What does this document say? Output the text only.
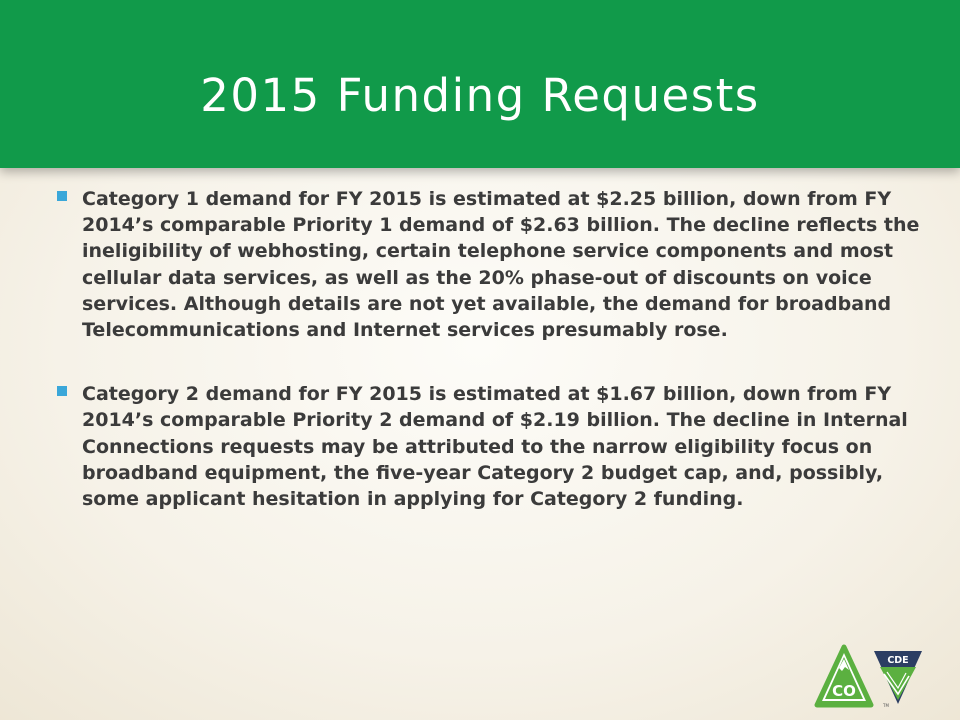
2015 Funding Requests
Category 1 demand for FY 2015 is estimated at $2.25 billion, down from FY 2014’s comparable Priority 1 demand of $2.63 billion. The decline reflects the ineligibility of webhosting, certain telephone service components and most cellular data services, as well as the 20% phase-out of discounts on voice services. Although details are not yet available, the demand for broadband Telecommunications and Internet services presumably rose.
Category 2 demand for FY 2015 is estimated at $1.67 billion, down from FY 2014’s comparable Priority 2 demand of $2.19 billion. The decline in Internal Connections requests may be attributed to the narrow eligibility focus on broadband equipment, the five-year Category 2 budget cap, and, possibly, some applicant hesitation in applying for Category 2 funding.
CO
CDE
TM
